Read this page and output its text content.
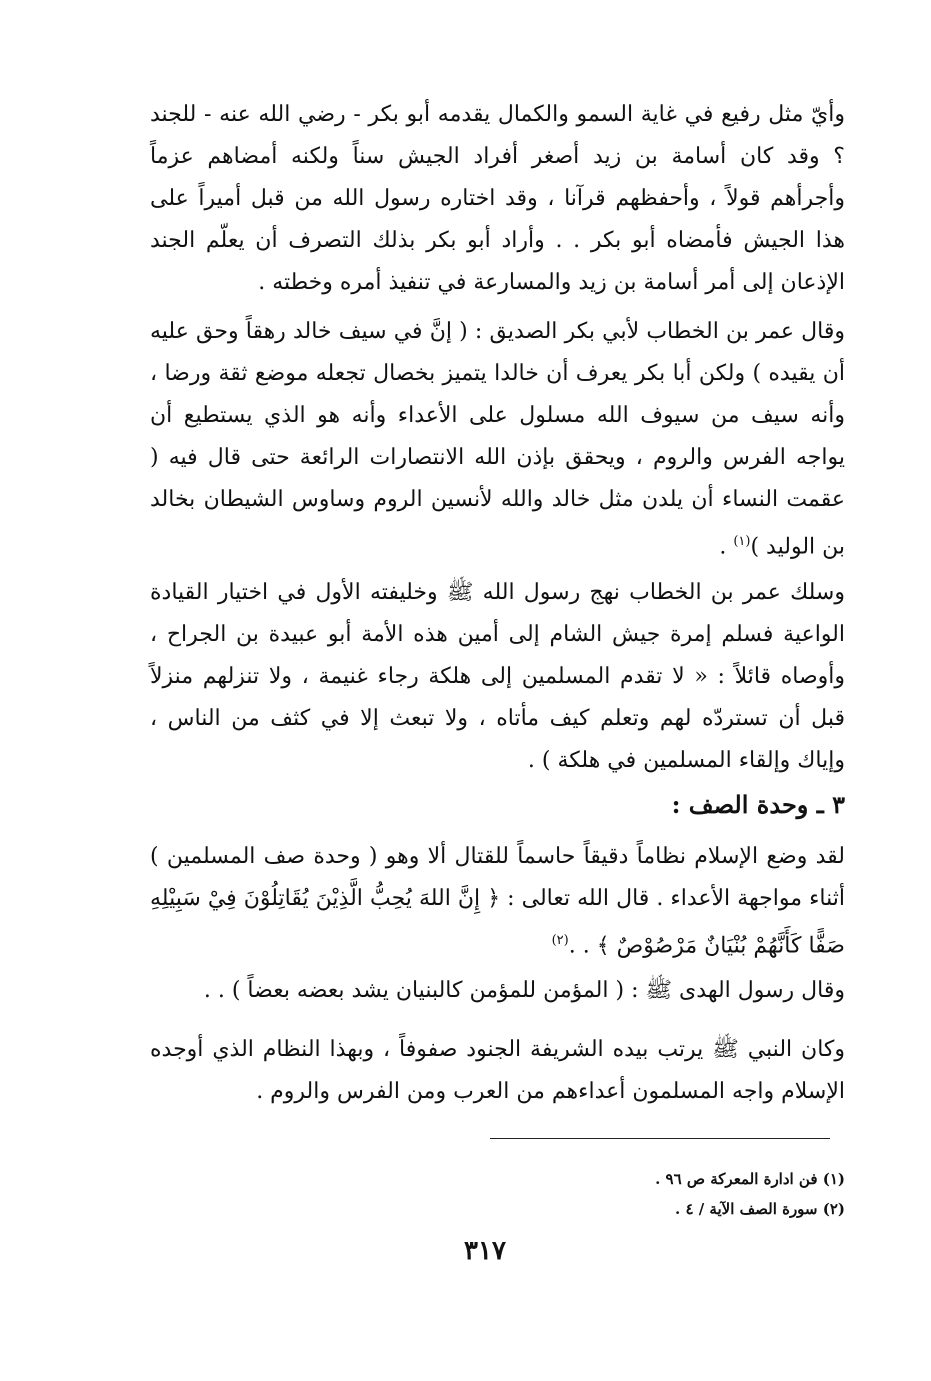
وأيّ مثل رفيع في غاية السمو والكمال يقدمه أبو بكر - رضي الله عنه - للجند ؟ وقد كان أسامة بن زيد أصغر أفراد الجيش سناً ولكنه أمضاهم عزماً وأجرأهم قولاً ، وأحفظهم قرآنا ، وقد اختاره رسول الله من قبل أميراً على هذا الجيش فأمضاه أبو بكر . . وأراد أبو بكر بذلك التصرف أن يعلّم الجند الإذعان إلى أمر أسامة بن زيد والمسارعة في تنفيذ أمره وخطته .

وقال عمر بن الخطاب لأبي بكر الصديق : ( إنَّ في سيف خالد رهقاً وحق عليه أن يقيده ) ولكن أبا بكر يعرف أن خالدا يتميز بخصال تجعله موضع ثقة ورضا ، وأنه سيف من سيوف الله مسلول على الأعداء وأنه هو الذي يستطيع أن يواجه الفرس والروم ، ويحقق بإذن الله الانتصارات الرائعة حتى قال فيه ( عقمت النساء أن يلدن مثل خالد والله لأنسين الروم وساوس الشيطان بخالد بن الوليد )$^{(١)}$ .

وسلك عمر بن الخطاب نهج رسول الله ﷺ وخليفته الأول في اختيار القيادة الواعية فسلم إمرة جيش الشام إلى أمين هذه الأمة أبو عبيدة بن الجراح ، وأوصاه قائلاً : « لا تقدم المسلمين إلى هلكة رجاء غنيمة ، ولا تنزلهم منزلاً قبل أن تستردّه لهم وتعلم كيف مأتاه ، ولا تبعث إلا في كثف من الناس ، وإياك وإلقاء المسلمين في هلكة ) .

٣ ـ وحدة الصف :

لقد وضع الإسلام نظاماً دقيقاً حاسماً للقتال ألا وهو ( وحدة صف المسلمين ) أثناء مواجهة الأعداء . قال الله تعالى : ﴿ إِنَّ اللهَ يُحِبُّ الَّذِيْنَ يُقَاتِلُوْنَ فِيْ سَبِيْلِهِ صَفًّا كَأَنَّهُمْ بُنْيَانٌ مَرْصُوْصٌ ﴾ . .$^{(٢)}$

وقال رسول الهدى ﷺ : ( المؤمن للمؤمن كالبنيان يشد بعضه بعضاً ) . .

وكان النبي ﷺ يرتب بيده الشريفة الجنود صفوفاً ، وبهذا النظام الذي أوجده الإسلام واجه المسلمون أعداءهم من العرب ومن الفرس والروم .

(١) فن ادارة المعركة ص ٩٦ .

(٢) سورة الصف الآية / ٤ .

٣١٧
